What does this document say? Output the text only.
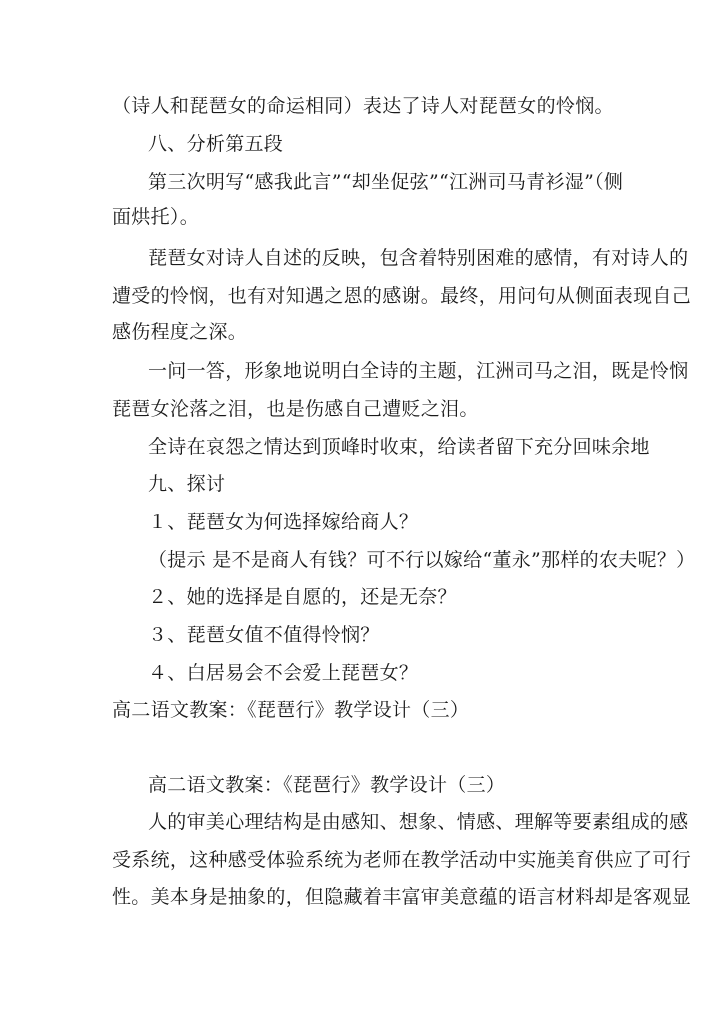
（诗人和琵琶女的命运相同）表达了诗人对琵琶女的怜悯。
八、分析第五段
第三次明写“感我此言”“却坐促弦”“江洲司马青衫湿”（侧
面烘托）。
琵琶女对诗人自述的反映，包含着特别困难的感情，有对诗人的
遭受的怜悯，也有对知遇之恩的感谢。最终，用问句从侧面表现自己
感伤程度之深。
一问一答，形象地说明白全诗的主题，江洲司马之泪，既是怜悯
琵琶女沦落之泪，也是伤感自己遭贬之泪。
全诗在哀怨之情达到顶峰时收束，给读者留下充分回味余地
九、探讨
１、琵琶女为何选择嫁给商人？
（提示 是不是商人有钱？可不行以嫁给“董永”那样的农夫呢？）
２、她的选择是自愿的，还是无奈？
３、琵琶女值不值得怜悯？
４、白居易会不会爱上琵琶女？
高二语文教案：《琵琶行》教学设计（三）
高二语文教案：《琵琶行》教学设计（三）
人的审美心理结构是由感知、想象、情感、理解等要素组成的感
受系统，这种感受体验系统为老师在教学活动中实施美育供应了可行
性。美本身是抽象的，但隐藏着丰富审美意蕴的语言材料却是客观显
